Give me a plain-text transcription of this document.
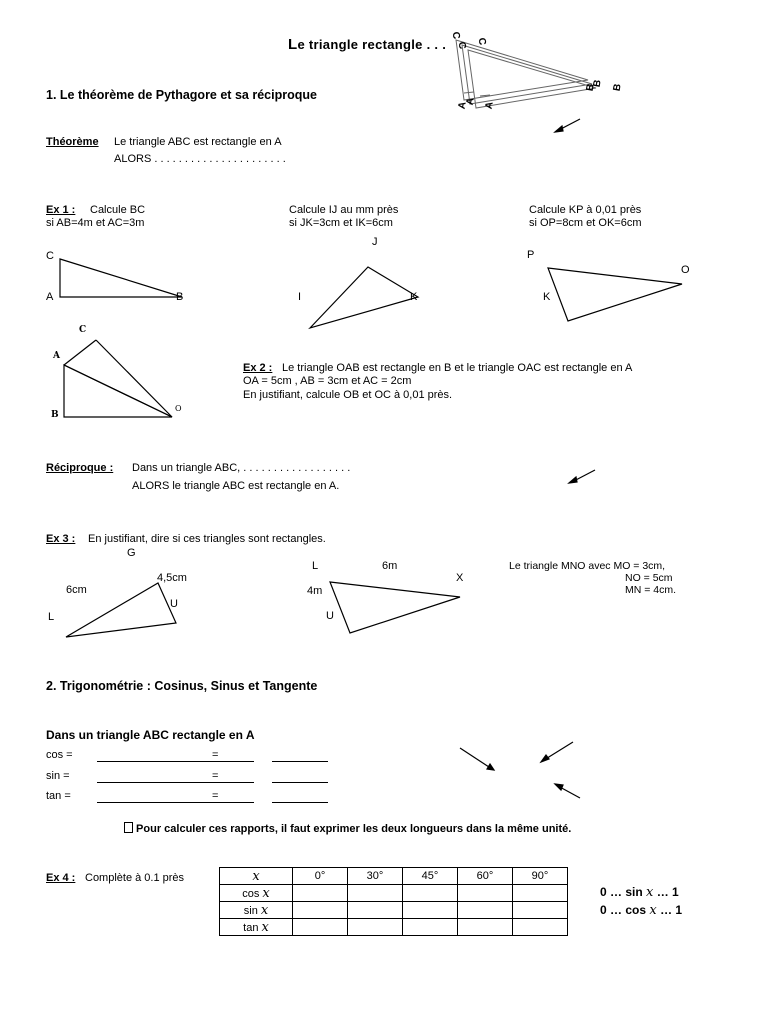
Le triangle rectangle . . .
C
C C
A
A A
B
B B
1. Le théorème de Pythagore et sa réciproque
Théorème Le triangle ABC est rectangle en A
ALORS . . . . . . . . . . . . . . . . . . . . . .
Ex 1 : Calcule BC
si AB=4m et AC=3m
Calcule IJ au mm près
si JK=3cm et IK=6cm
Calcule KP à 0,01 près
si OP=8cm et OK=6cm
C
A	B
J
I	K
P
O
K
C
A
B
O
Ex 2 : Le triangle OAB est rectangle en B et le triangle OAC est rectangle en A
OA = 5cm , AB = 3cm et AC = 2cm
En justifiant, calcule OB et OC à 0,01 près.
Réciproque : Dans un triangle ABC, . . . . . . . . . . . . . . . . . .
ALORS le triangle ABC est rectangle en A.
Ex 3 : En justifiant, dire si ces triangles sont rectangles.
G
4,5cm
6cm
L
U
L	6m
X
4m
U
Le triangle MNO avec MO = 3cm,
NO = 5cm
MN = 4cm.
2. Trigonométrie : Cosinus, Sinus et Tangente
Dans un triangle ABC rectangle en A
cos =	=
sin =	=
tan =	=
Pour calculer ces rapports, il faut exprimer les deux longueurs dans la même unité.
Ex 4 : Complète à 0.1 près	x	0°	30°	45°	60°	90°
cos x					
sin x					
tan x					
0 … sin x … 1
0 … cos x … 1
